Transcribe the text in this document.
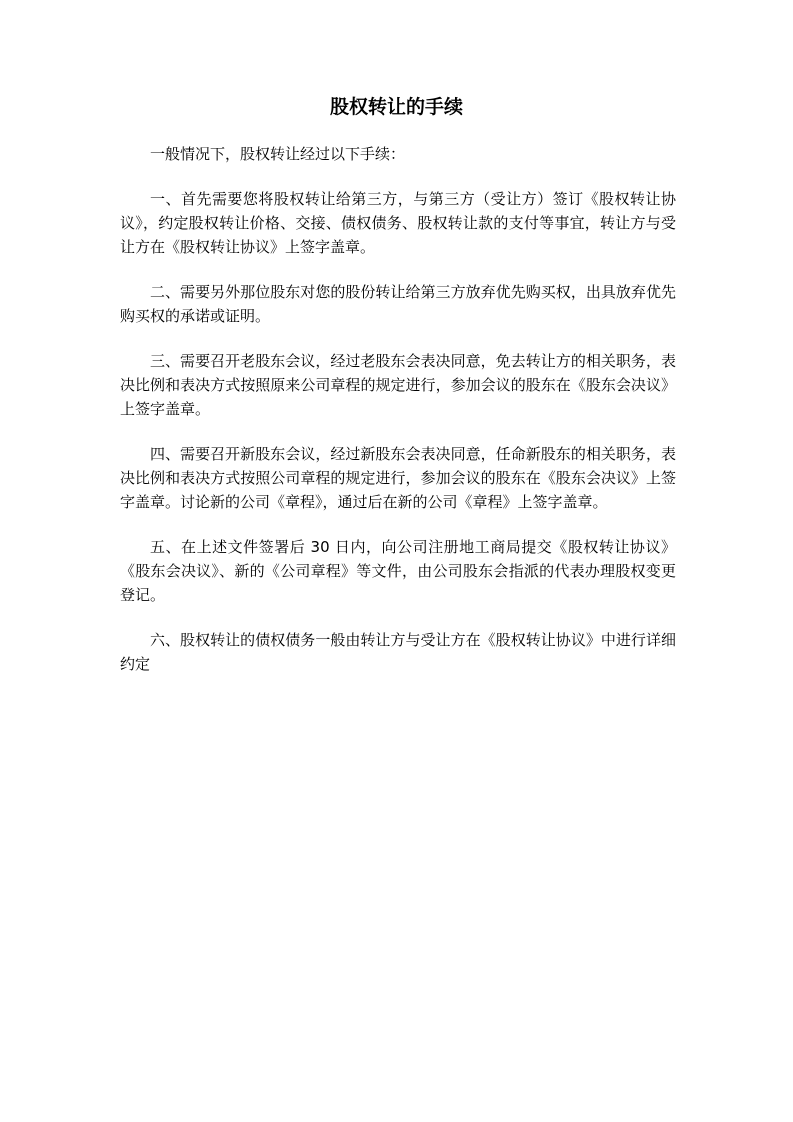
股权转让的手续

一般情况下，股权转让经过以下手续：

一、首先需要您将股权转让给第三方，与第三方（受让方）签订《股权转让协议》，约定股权转让价格、交接、债权债务、股权转让款的支付等事宜，转让方与受让方在《股权转让协议》上签字盖章。

二、需要另外那位股东对您的股份转让给第三方放弃优先购买权，出具放弃优先购买权的承诺或证明。

三、需要召开老股东会议，经过老股东会表决同意，免去转让方的相关职务，表决比例和表决方式按照原来公司章程的规定进行，参加会议的股东在《股东会决议》上签字盖章。

四、需要召开新股东会议，经过新股东会表决同意，任命新股东的相关职务，表决比例和表决方式按照公司章程的规定进行，参加会议的股东在《股东会决议》上签字盖章。讨论新的公司《章程》，通过后在新的公司《章程》上签字盖章。

五、在上述文件签署后 30 日内，向公司注册地工商局提交《股权转让协议》《股东会决议》、新的《公司章程》等文件，由公司股东会指派的代表办理股权变更登记。

六、股权转让的债权债务一般由转让方与受让方在《股权转让协议》中进行详细约定
